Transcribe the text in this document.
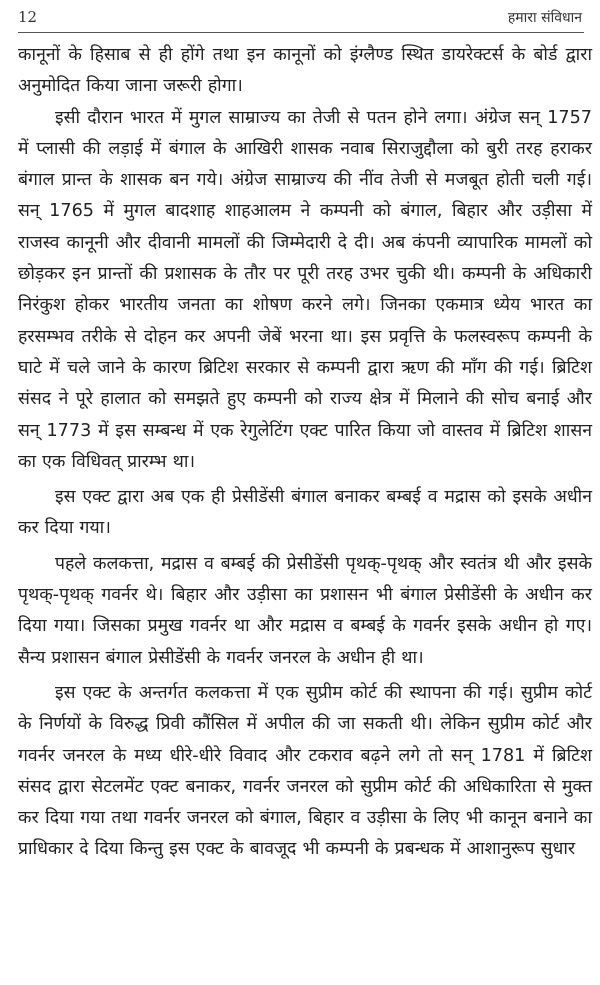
12	हमारा संविधान

कानूनों के हिसाब से ही होंगे तथा इन कानूनों को इंग्लैण्ड स्थित डायरेक्टर्स के बोर्ड द्वारा अनुमोदित किया जाना जरूरी होगा।

इसी दौरान भारत में मुगल साम्राज्य का तेजी से पतन होने लगा। अंग्रेज सन् 1757 में प्लासी की लड़ाई में बंगाल के आखिरी शासक नवाब सिराजुद्दौला को बुरी तरह हराकर बंगाल प्रान्त के शासक बन गये। अंग्रेज साम्राज्य की नींव तेजी से मजबूत होती चली गई। सन् 1765 में मुगल बादशाह शाहआलम ने कम्पनी को बंगाल, बिहार और उड़ीसा में राजस्व कानूनी और दीवानी मामलों की जिम्मेदारी दे दी। अब कंपनी व्यापारिक मामलों को छोड़कर इन प्रान्तों की प्रशासक के तौर पर पूरी तरह उभर चुकी थी। कम्पनी के अधिकारी निरंकुश होकर भारतीय जनता का शोषण करने लगे। जिनका एकमात्र ध्येय भारत का हरसम्भव तरीके से दोहन कर अपनी जेबें भरना था। इस प्रवृत्ति के फलस्वरूप कम्पनी के घाटे में चले जाने के कारण ब्रिटिश सरकार से कम्पनी द्वारा ऋण की माँग की गई। ब्रिटिश संसद ने पूरे हालात को समझते हुए कम्पनी को राज्य क्षेत्र में मिलाने की सोच बनाई और सन् 1773 में इस सम्बन्ध में एक रेगुलेटिंग एक्ट पारित किया जो वास्तव में ब्रिटिश शासन का एक विधिवत् प्रारम्भ था।

इस एक्ट द्वारा अब एक ही प्रेसीडेंसी बंगाल बनाकर बम्बई व मद्रास को इसके अधीन कर दिया गया।

पहले कलकत्ता, मद्रास व बम्बई की प्रेसीडेंसी पृथक्-पृथक् और स्वतंत्र थी और इसके पृथक्-पृथक् गवर्नर थे। बिहार और उड़ीसा का प्रशासन भी बंगाल प्रेसीडेंसी के अधीन कर दिया गया। जिसका प्रमुख गवर्नर था और मद्रास व बम्बई के गवर्नर इसके अधीन हो गए। सैन्य प्रशासन बंगाल प्रेसीडेंसी के गवर्नर जनरल के अधीन ही था।

इस एक्ट के अन्तर्गत कलकत्ता में एक सुप्रीम कोर्ट की स्थापना की गई। सुप्रीम कोर्ट के निर्णयों के विरुद्ध प्रिवी कौंसिल में अपील की जा सकती थी। लेकिन सुप्रीम कोर्ट और गवर्नर जनरल के मध्य धीरे-धीरे विवाद और टकराव बढ़ने लगे तो सन् 1781 में ब्रिटिश संसद द्वारा सेटलमेंट एक्ट बनाकर, गवर्नर जनरल को सुप्रीम कोर्ट की अधिकारिता से मुक्त कर दिया गया तथा गवर्नर जनरल को बंगाल, बिहार व उड़ीसा के लिए भी कानून बनाने का प्राधिकार दे दिया किन्तु इस एक्ट के बावजूद भी कम्पनी के प्रबन्धक में आशानुरूप सुधार
